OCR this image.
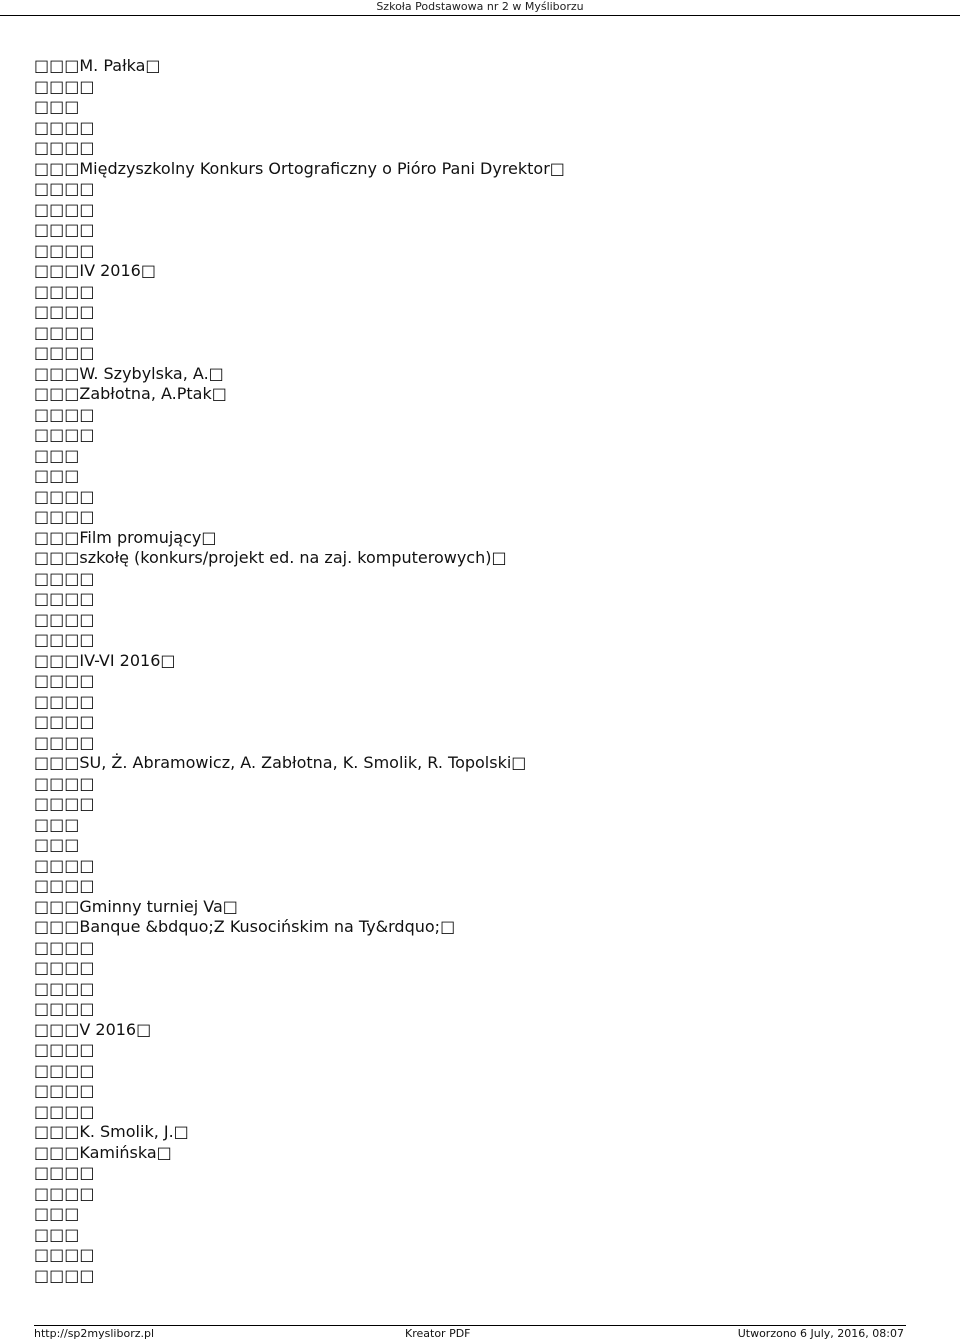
Szkoła Podstawowa nr 2 w Myśliborzu
□□□M. Pałka□
□□□□
□□□
□□□□
□□□□
□□□Międzyszkolny Konkurs Ortograficzny o Pióro Pani Dyrektor□
□□□□
□□□□
□□□□
□□□□
□□□IV 2016□
□□□□
□□□□
□□□□
□□□□
□□□W. Szybylska, A.□
□□□Zabłotna, A.Ptak□
□□□□
□□□□
□□□
□□□
□□□□
□□□□
□□□Film promujący□
□□□szkołę (konkurs/projekt ed. na zaj. komputerowych)□
□□□□
□□□□
□□□□
□□□□
□□□IV-VI 2016□
□□□□
□□□□
□□□□
□□□□
□□□SU, Ż. Abramowicz, A. Zabłotna, K. Smolik, R. Topolski□
□□□□
□□□□
□□□
□□□
□□□□
□□□□
□□□Gminny turniej Va□
□□□Banque &bdquo;Z Kusocińskim na Ty&rdquo;□
□□□□
□□□□
□□□□
□□□□
□□□V 2016□
□□□□
□□□□
□□□□
□□□□
□□□K. Smolik, J.□
□□□Kamińska□
□□□□
□□□□
□□□
□□□
□□□□
□□□□
http://sp2mysliborz.pl	Kreator PDF	Utworzono 6 July, 2016, 08:07
